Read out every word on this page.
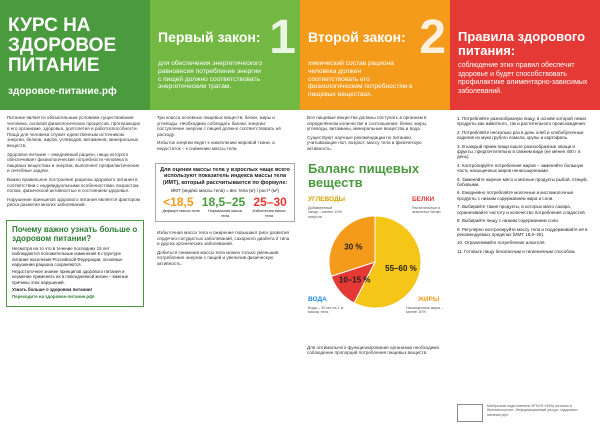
КУРС НА ЗДОРОВОЕ ПИТАНИЕ
здоровое-питание.рф

Питание является обязательным условием существования человека, основой физиологических процессов, протекающих в его организме, здоровья, долголетия и работоспособности. Пища для человека служит единственным источником энергии, белков, жиров, углеводов, витаминов, минеральных веществ.

Здоровое питание – ежедневный рацион, пища которого обеспечивает физиологические потребности человека в пищевых веществах и энергии, выполняет профилактические и лечебные задачи.

Важно правильное построение рациона здорового питания в соответствии с индивидуальными особенностями, возрастом, полом, физической активностью и состоянием здоровья.

Нарушение принципов здорового питания является фактором риска развития многих заболеваний.

Почему важно узнать больше о здоровом питании?

Несмотря на то что в течение последних 15 лет наблюдаются положительные изменения в структуре питания населения Российской Федерации, основные нарушения рациона сохраняются.

Недостаточное знание принципов здорового питания и неумение применять их в повседневной жизни – важные причины этих нарушений.

Узнать больше о здоровом питании!

Переходите на здоровое-питание.рф!

Первый закон: 1
для обеспечения энергетического равновесия потребление энергии с пищей должно соответствовать энергетическим тратам.

Три класса основных пищевых веществ: белки, жиры и углеводы. Необходимо соблюдать баланс энергии: поступление энергии с пищей должно соответствовать её расходу.

Избыток энергии ведет к накоплению жировой ткани, а недостаток – к снижению массы тела.

Для оценки массы тела у взрослых чаще всего используют показатель индекса массы тела (ИМТ), который рассчитывается по формуле:
ИМТ (индекс массы тела) = вес тела (кг) / рост² (м²)
<18,5 18,5–25 25–30
Дефицит массы тела	Нормальная масса тела
Избыточная масса тела

Избыточная масса тела и ожирение повышают риск развития сердечно-сосудистых заболеваний, сахарного диабета 2 типа и других хронических заболеваний.

Добиться снижения массы тела можно только уменьшив потребление энергии с пищей и увеличив физическую активность.

Второй закон: 2
химический состав рациона человека должен соответствовать его физиологическим потребностям в пищевых веществах.

Все пищевые вещества должны поступать в организм в определённом количестве и соотношении: белки, жиры, углеводы, витамины, минеральные вещества и вода.

Существуют научные рекомендации по питанию, учитывающие пол, возраст, массу тела и физическую активность.

Баланс пищевых веществ
55–60 %
10–15 %
30 %
УГЛЕВОДЫ
Добавленный сахар – менее 10% энергии
БЕЛКИ
Растительные и животные белки
ВОДА
Вода – 30 мл на 1 кг массы тела
ЖИРЫ
Насыщенные жиры – менее 10%

Для оптимального функционирования организма необходимо соблюдение пропорций потребления пищевых веществ.

Правила здорового питания:
соблюдение этих правил обеспечит здоровье и будет способствовать профилактике алиментарно-зависимых заболеваний.

1. Потребляйте разнообразную пищу, в основе которой лежат продукты как животного, так и растительного происхождения.

2. Потребляйте несколько раз в день хлеб и хлебобулочные изделия из муки грубого помола, крупы и картофель.

3. В каждый прием пищи ешьте разнообразные овощи и фрукты, предпочтительно в свежем виде (не менее 400 г в день).

4. Контролируйте потребление жиров – заменяйте большую часть насыщенных жиров ненасыщенными.

5. Заменяйте жирное мясо и мясные продукты рыбой, птицей, бобовыми.

6. Ежедневно потребляйте молочные и кисломолочные продукты с низким содержанием жира и соли.

7. Выбирайте такие продукты, в которых мало сахара, ограничивайте частоту и количество потребления сладостей.

8. Выбирайте пищу с низким содержанием соли.

9. Регулярно контролируйте массу тела и поддерживайте её в рекомендуемых пределах (ИМТ 18,5–25).

10. Ограничивайте потребление алкоголя.

11. Готовьте пищу безопасным и гигиеничным способом.

Материалы подготовлены ФГБУН «ФИЦ питания и биотехнологии». Информационный ресурс «здоровое-питание.рф».
